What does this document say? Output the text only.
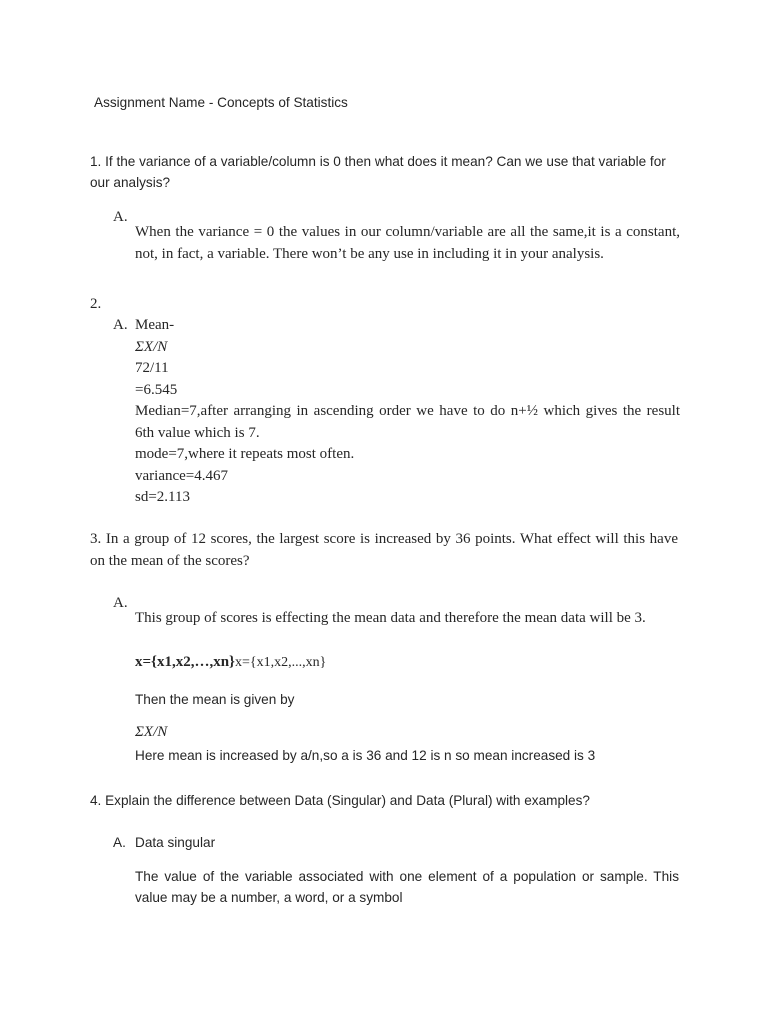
Assignment Name - Concepts of Statistics

1. If the variance of a variable/column is 0 then what does it mean? Can we use that variable for our analysis?

A.

When the variance = 0 the values in our column/variable are all the same,it is a constant, not, in fact, a variable. There won’t be any use in including it in your analysis.

2.

A. Mean-
ΣX/N
72/11
=6.545
Median=7,after arranging in ascending order we have to do n+½ which gives the result 6th value which is 7.
mode=7,where it repeats most often.
variance=4.467
sd=2.113

3. In a group of 12 scores, the largest score is increased by 36 points. What effect will this have on the mean of the scores?

A.

This group of scores is effecting the mean data and therefore the mean data will be 3.

x={x1,x2,…,xn}x={x1,x2,...,xn}

Then the mean is given by

ΣX/N

Here mean is increased by a/n,so a is 36 and 12 is n so mean increased is 3

4. Explain the difference between Data (Singular) and Data (Plural) with examples?

A. Data singular

The value of the variable associated with one element of a population or sample. This value may be a number, a word, or a symbol
